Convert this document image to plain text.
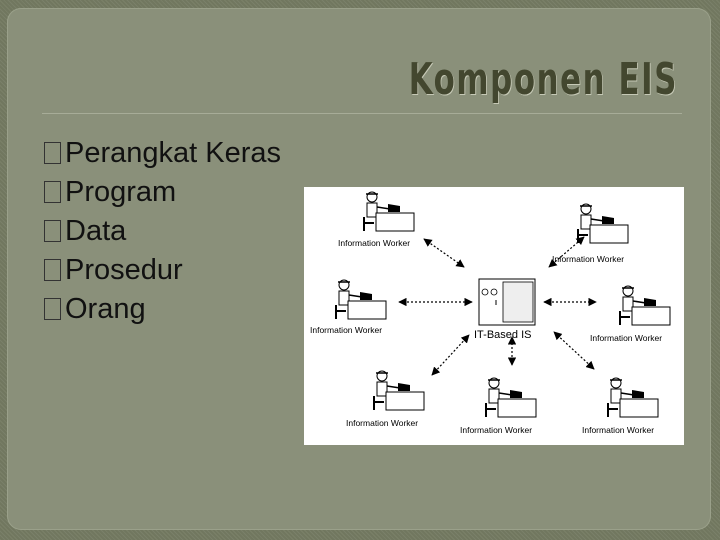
Komponen EIS
Perangkat Keras
Program
Data
Prosedur
Orang
IT-Based IS
Information Worker
Information Worker
Information Worker
Information Worker
Information Worker
Information Worker	Information Worker
